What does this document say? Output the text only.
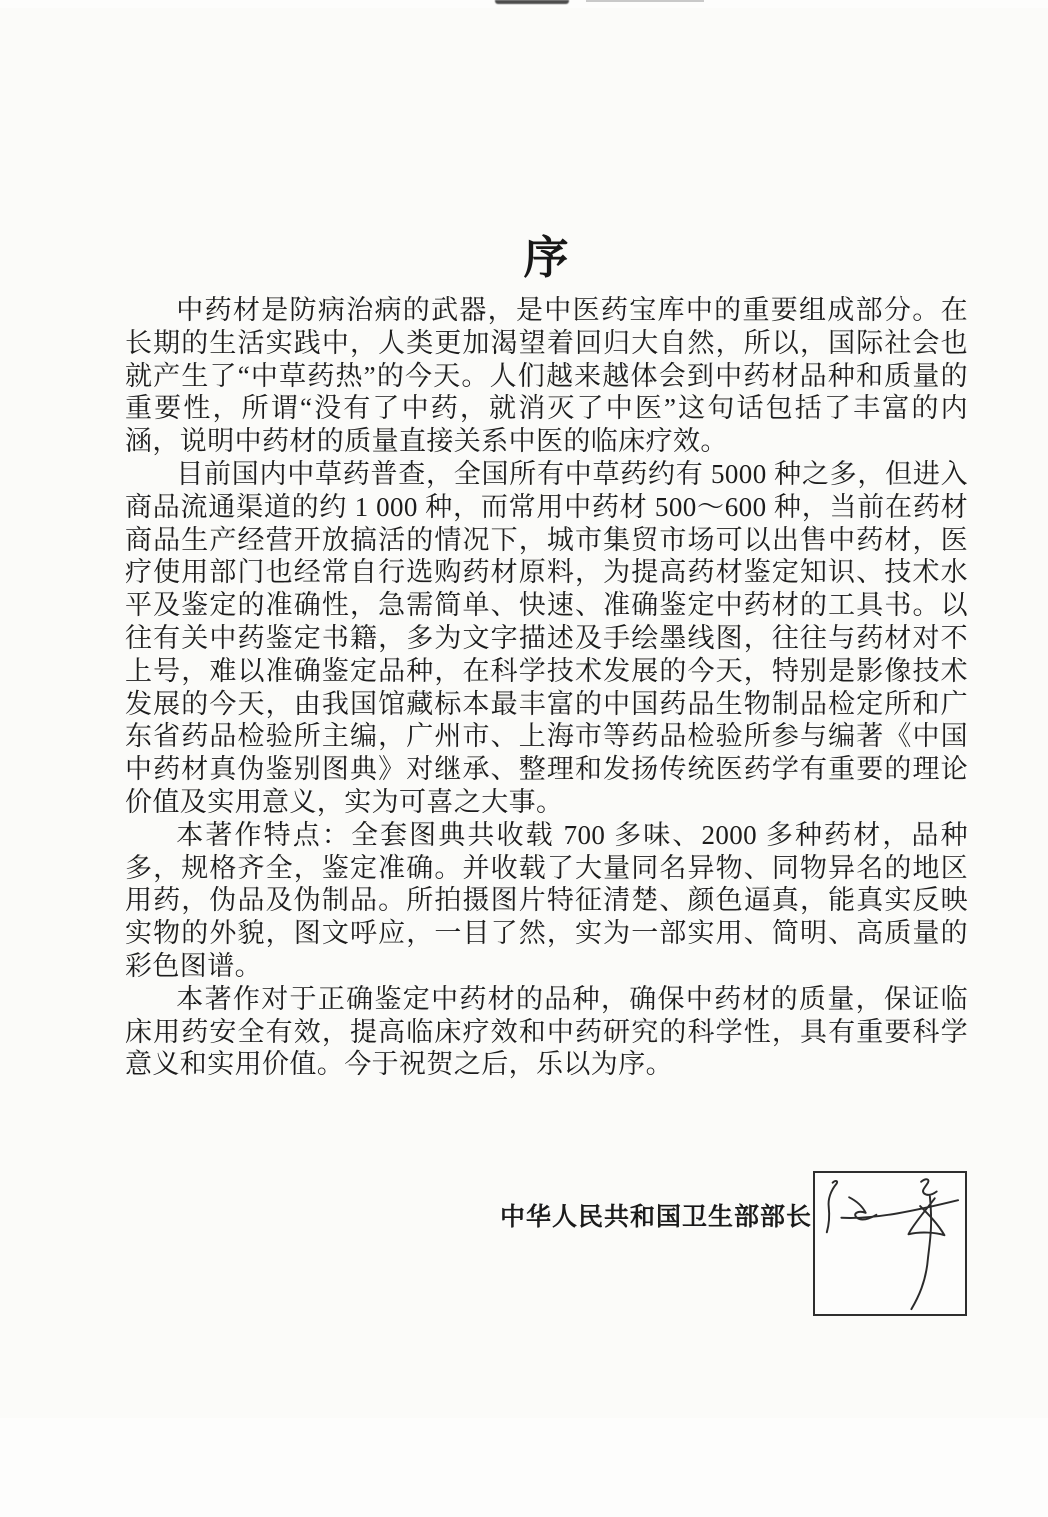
序

中药材是防病治病的武器，是中医药宝库中的重要组成部分。在长期的生活实践中，人类更加渴望着回归大自然，所以，国际社会也就产生了“中草药热”的今天。人们越来越体会到中药材品种和质量的重要性，所谓“没有了中药，就消灭了中医”这句话包括了丰富的内涵，说明中药材的质量直接关系中医的临床疗效。

目前国内中草药普查，全国所有中草药约有 5000 种之多，但进入商品流通渠道的约 1 000 种，而常用中药材 500～600 种，当前在药材商品生产经营开放搞活的情况下，城市集贸市场可以出售中药材，医疗使用部门也经常自行选购药材原料，为提高药材鉴定知识、技术水平及鉴定的准确性，急需简单、快速、准确鉴定中药材的工具书。以往有关中药鉴定书籍，多为文字描述及手绘墨线图，往往与药材对不上号，难以准确鉴定品种，在科学技术发展的今天，特别是影像技术发展的今天，由我国馆藏标本最丰富的中国药品生物制品检定所和广东省药品检验所主编，广州市、上海市等药品检验所参与编著《中国中药材真伪鉴别图典》对继承、整理和发扬传统医药学有重要的理论价值及实用意义，实为可喜之大事。

本著作特点：全套图典共收载 700 多味、2000 多种药材，品种多，规格齐全，鉴定准确。并收载了大量同名异物、同物异名的地区用药，伪品及伪制品。所拍摄图片特征清楚、颜色逼真，能真实反映实物的外貌，图文呼应，一目了然，实为一部实用、简明、高质量的彩色图谱。

本著作对于正确鉴定中药材的品种，确保中药材的质量，保证临床用药安全有效，提高临床疗效和中药研究的科学性，具有重要科学意义和实用价值。今于祝贺之后，乐以为序。

中华人民共和国卫生部部长
